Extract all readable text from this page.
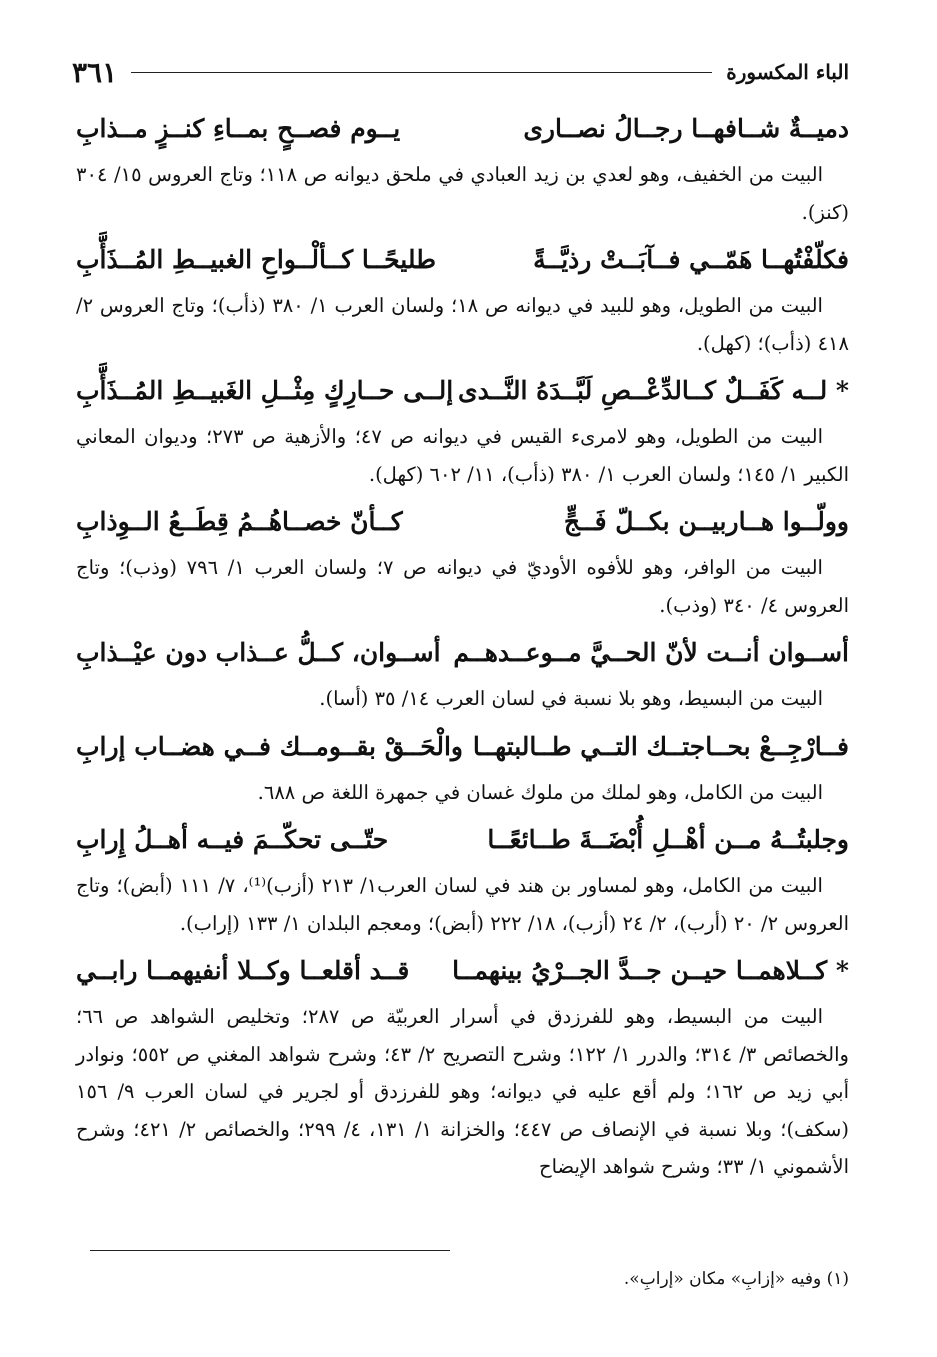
الباء المكسورة
٣٦١
دميــةٌ شــافهــا رجــالُ نصــارى
يــوم فصــحٍ بمــاءِ كنــزٍ مــذابِ

البيت من الخفيف، وهو لعدي بن زيد العبادي في ملحق ديوانه ص ١١٨؛ وتاج العروس ١٥/ ٣٠٤ (كنز).

فكلّفْتُهــا هَمّــي فــآبَــتْ رذيَّــةً
طليحًــا كــألْــواحِ الغبيــطِ المُــذَأَّبِ

البيت من الطويل، وهو للبيد في ديوانه ص ١٨؛ ولسان العرب ١/ ٣٨٠ (ذأب)؛ وتاج العروس ٢/ ٤١٨ (ذأب)؛ (كهل).

* لــه كَفَــلٌ كــالدِّعْــصِ لَبَّــدَهُ النَّــدى
إلــى حــارِكٍ مِثْــلِ الغَبيــطِ المُــذَأَّبِ

البيت من الطويل، وهو لامرىء القيس في ديوانه ص ٤٧؛ والأزهية ص ٢٧٣؛ وديوان المعاني الكبير ١/ ١٤٥؛ ولسان العرب ١/ ٣٨٠ (ذأب)، ١١/ ٦٠٢ (كهل).

وولّــوا هــاربيــن بكــلّ فَــجٍّ
كــأنّ خصــاهُــمُ قِطَــعُ الــوِذابِ

البيت من الوافر، وهو للأفوه الأوديّ في ديوانه ص ٧؛ ولسان العرب ١/ ٧٩٦ (وذب)؛ وتاج العروس ٤/ ٣٤٠ (وذب).

أســوان أنــت لأنّ الحــيَّ مــوعــدهــم
أســوان، كــلُّ عــذاب دون عيْــذابِ

البيت من البسيط، وهو بلا نسبة في لسان العرب ١٤/ ٣٥ (أسا).

فــارْجِــعْ بحــاجتــك التــي طــالبتهــا
والْحَــقْ بقــومــك فــي هضــاب إرابِ

البيت من الكامل، وهو لملك من ملوك غسان في جمهرة اللغة ص ٦٨٨.

وجلبتُــهُ مــن أهْــلِ أُبْضَــةَ طــائعًــا
حتّــى تحكّــمَ فيــه أهــلُ إِرابِ

البيت من الكامل، وهو لمساور بن هند في لسان العرب١/ ٢١٣ (أزب)⁽¹⁾، ٧/ ١١١ (أبض)؛ وتاج العروس ٢/ ٢٠ (أرب)، ٢/ ٢٤ (أزب)، ١٨/ ٢٢٢ (أبض)؛ ومعجم البلدان ١/ ١٣٣ (إراب).

* كــلاهمــا حيــن جــدَّ الجــرْيُ بينهمــا
قــد أقلعــا وكــلا أنفيهمــا رابــي

البيت من البسيط، وهو للفرزدق في أسرار العربيّة ص ٢٨٧؛ وتخليص الشواهد ص ٦٦؛ والخصائص ٣/ ٣١٤؛ والدرر ١/ ١٢٢؛ وشرح التصريح ٢/ ٤٣؛ وشرح شواهد المغني ص ٥٥٢؛ ونوادر أبي زيد ص ١٦٢؛ ولم أقع عليه في ديوانه؛ وهو للفرزدق أو لجرير في لسان العرب ٩/ ١٥٦ (سكف)؛ وبلا نسبة في الإنصاف ص ٤٤٧؛ والخزانة ١/ ١٣١، ٤/ ٢٩٩؛ والخصائص ٢/ ٤٢١؛ وشرح الأشموني ١/ ٣٣؛ وشرح شواهد الإيضاح

(١) وفيه «إزابِ» مكان «إرابِ».
